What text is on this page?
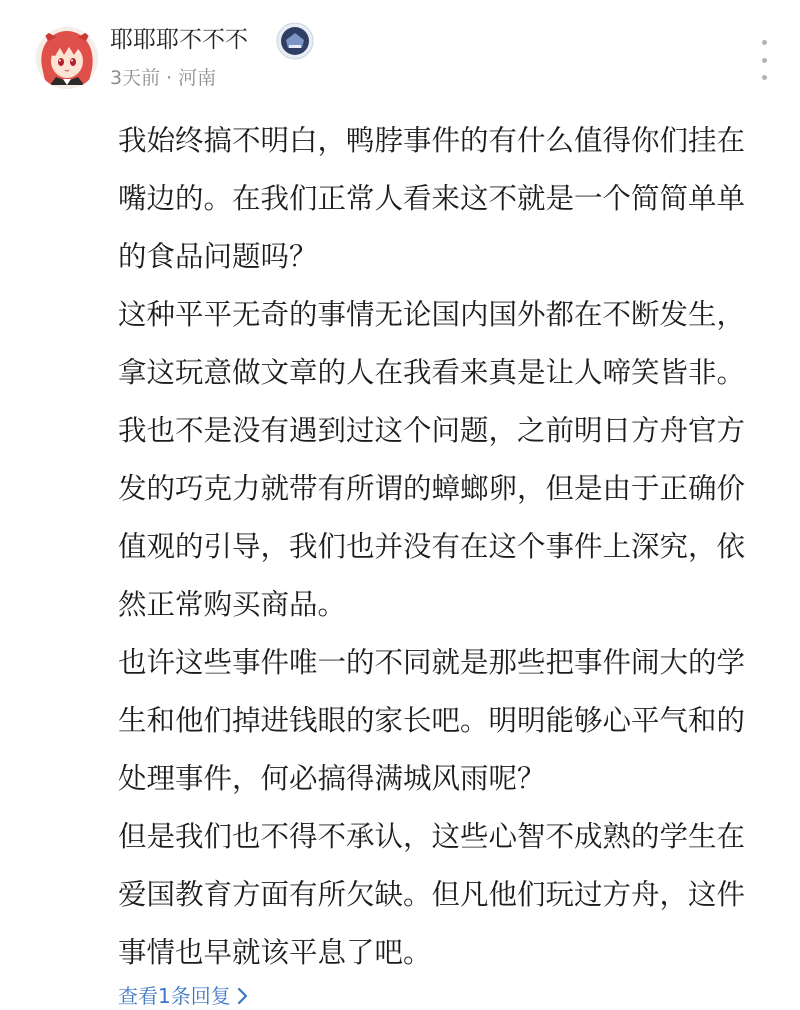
耶耶耶不不不
3天前 · 河南

我始终搞不明白，鸭脖事件的有什么值得你们挂在嘴边的。在我们正常人看来这不就是一个简简单单的食品问题吗？

这种平平无奇的事情无论国内国外都在不断发生，拿这玩意做文章的人在我看来真是让人啼笑皆非。

我也不是没有遇到过这个问题，之前明日方舟官方发的巧克力就带有所谓的蟑螂卵，但是由于正确价值观的引导，我们也并没有在这个事件上深究，依然正常购买商品。

也许这些事件唯一的不同就是那些把事件闹大的学生和他们掉进钱眼的家长吧。明明能够心平气和的处理事件，何必搞得满城风雨呢？

但是我们也不得不承认，这些心智不成熟的学生在爱国教育方面有所欠缺。但凡他们玩过方舟，这件事情也早就该平息了吧。

查看1条回复
